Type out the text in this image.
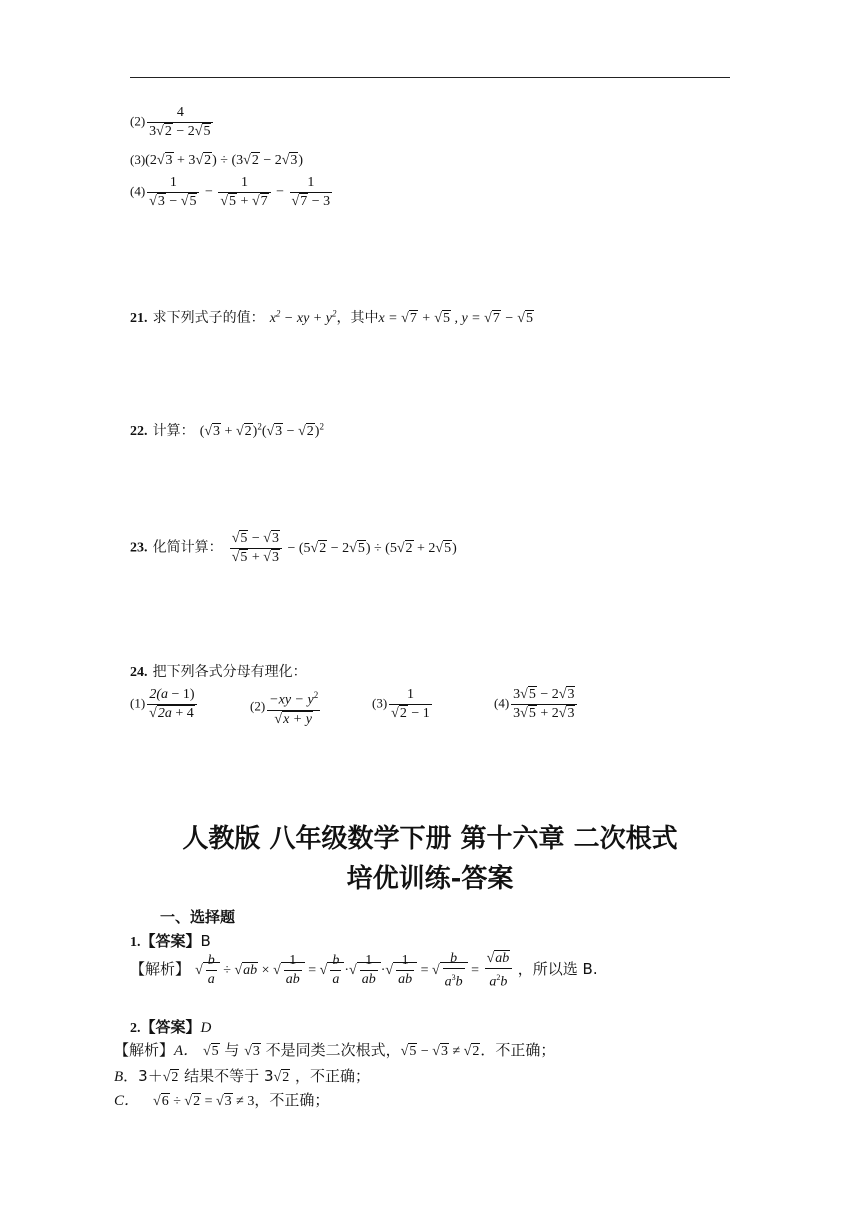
$(2) \frac{4}{3 √ 2 - 2 √ 5}$
(3)(2 √ 3 + 3 √ 2) ÷ (3 √ 2 − 2 √ 3)
(4) 1
√ 3 − √ 5 − 1
√ 5 + √ 7 − 1
√ 7 − 3
21. 求下列式子的值： $x^2$ − xy + $y^2$，其中x = √ 7 + √ 5 , y = √ 7 − √ 5
22. 计算： ( √ 3 + √ 2)$^2$( √ 3 − √ 2)$^2$
23. 化简计算： √ 5 − √ 3
√ 5 + √ 3 − (5 √ 2 − 2 √ 5) ÷ (5 √ 2 + 2 √ 5)
24. 把下列各式分母有理化：
(1) 2(a − 1)
√ 2a + 4	$(2) -xy - y^2$
√ x + y	(3) 1
√ 2 − 1	$(4) \frac{3 √ 5 - 2 √ 3}{3 √ 5 + 2 √ 3}$
人教版 八年级数学下册 第十六章 二次根式
培优训练-答案
一、选择题
1.【答案】B
【解析】 √ $\frac{b}{a}$ ÷ √ ab × √ $\frac{1}{ab}$ = √ $\frac{b}{a}$ · √ $\frac{1}{ab}$ · √ $\frac{1}{ab}$ = √ $\frac{b}{a^3b}$ = √ $\frac{ab}{a^2b}$ ，所以选 B.
2.【答案】D
【解析】A． √ 5 与 √ 3 不是同类二次根式， √ 5 − √ 3 ≠ √ 2．不正确；
B．3＋ √ 2 结果不等于 3 √ 2 ，不正确；
C． √ 6 ÷ √ 2 = √ 3 ≠ 3，不正确；
